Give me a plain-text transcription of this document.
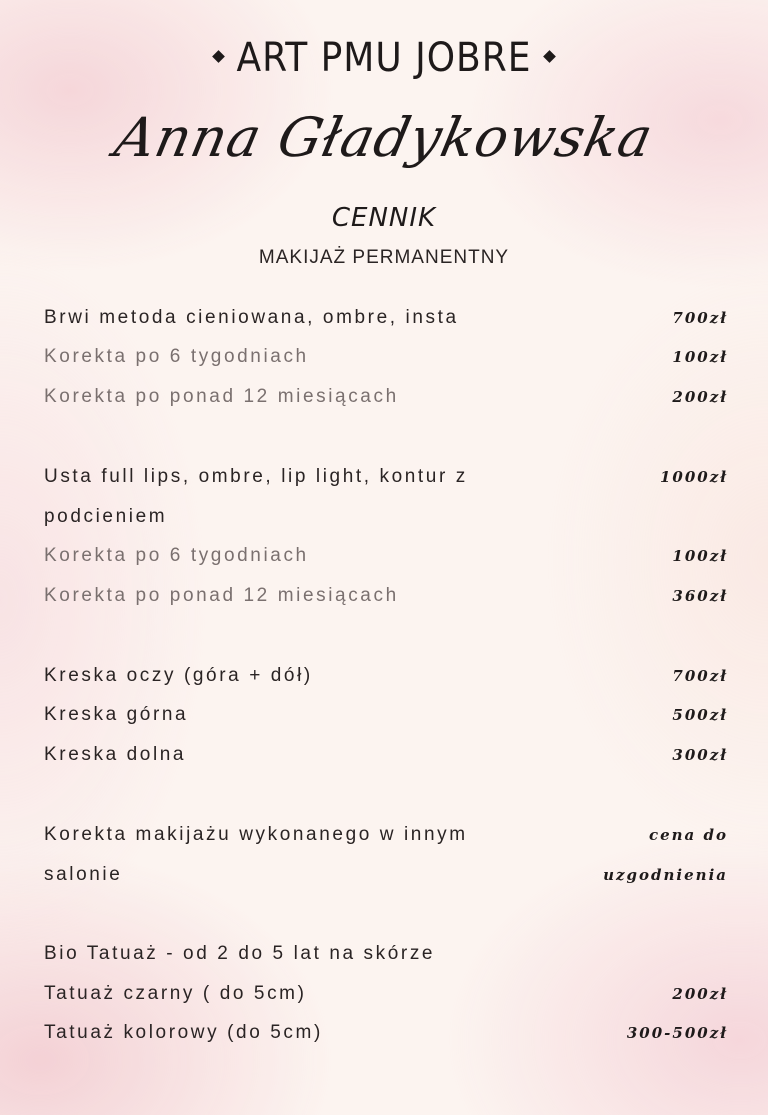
ART PMU JOBRE
Anna Gładykowska
CENNIK
MAKIJAŻ PERMANENTNY
Brwi metoda cieniowana, ombre, insta	700zł
Korekta po 6 tygodniach	100zł
Korekta po ponad 12 miesiącach	200zł
Usta full lips, ombre, lip light, kontur z	1000zł
podcieniem
Korekta po 6 tygodniach	100zł
Korekta po ponad 12 miesiącach	360zł
Kreska oczy (góra + dół)	700zł
Kreska górna	500zł
Kreska dolna	300zł
Korekta makijażu wykonanego w innym	cena do
salonie	uzgodnienia
Bio Tatuaż - od 2 do 5 lat na skórze
Tatuaż czarny ( do 5cm)	200zł
Tatuaż kolorowy (do 5cm)	300-500zł
